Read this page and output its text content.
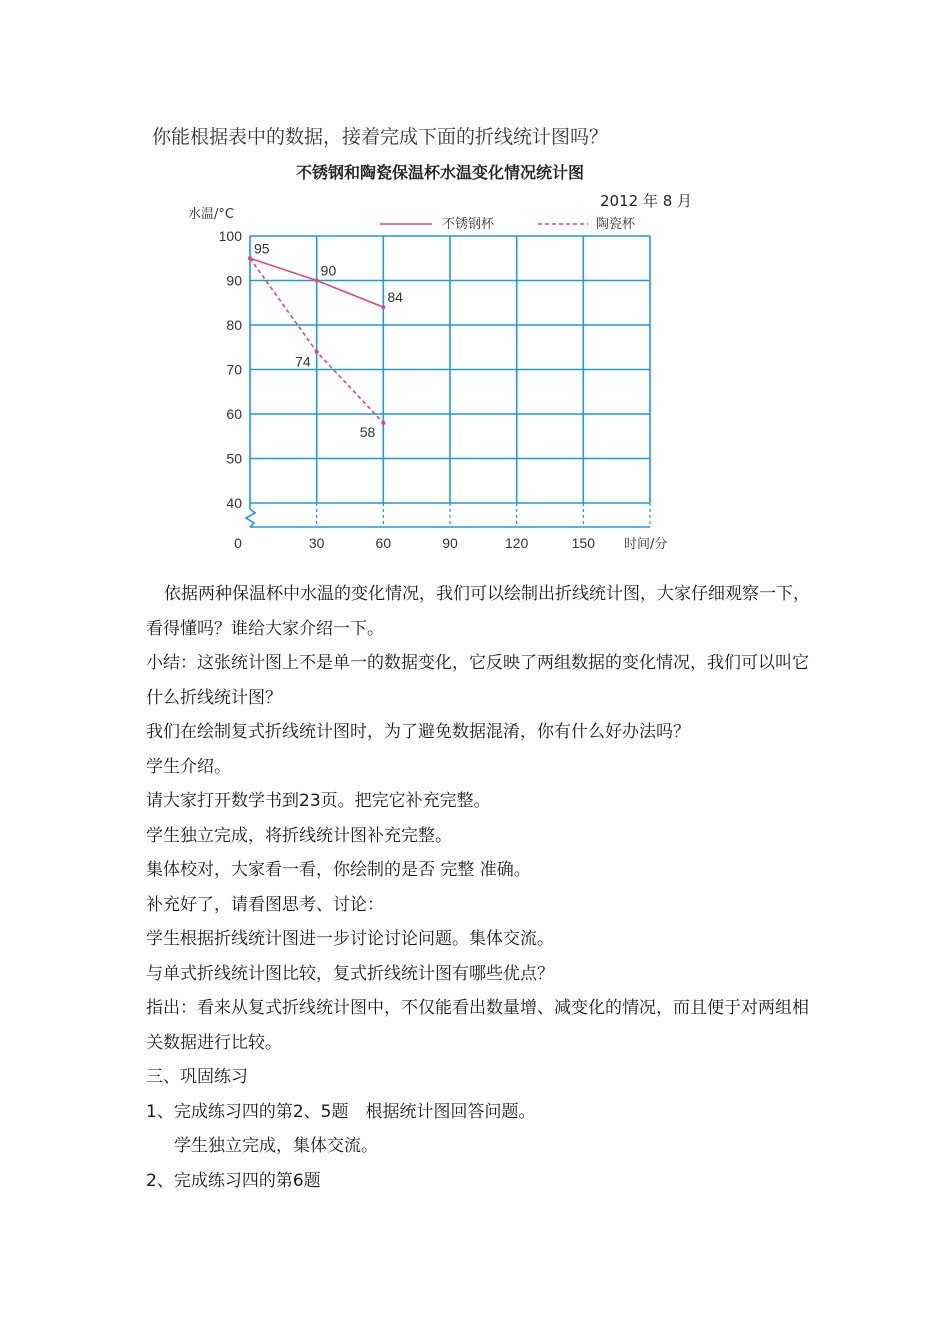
你能根据表中的数据，接着完成下面的折线统计图吗？
不锈钢和陶瓷保温杯水温变化情况统计图
2012 年 8 月
100
90
80
70
60
50
40
0	30	60	90	120	150
水温/°C
时间/分
不锈钢杯	陶瓷杯
95
90
84
74
58

依据两种保温杯中水温的变化情况，我们可以绘制出折线统计图，大家仔细观察一下，看得懂吗？谁给大家介绍一下。

小结：这张统计图上不是单一的数据变化，它反映了两组数据的变化情况，我们可以叫它什么折线统计图？

我们在绘制复式折线统计图时，为了避免数据混淆，你有什么好办法吗？

学生介绍。

请大家打开数学书到23页。把完它补充完整。

学生独立完成，将折线统计图补充完整。

集体校对，大家看一看，你绘制的是否 完整 准确。

补充好了，请看图思考、讨论：

学生根据折线统计图进一步讨论讨论问题。集体交流。

与单式折线统计图比较，复式折线统计图有哪些优点？

指出：看来从复式折线统计图中，不仅能看出数量增、减变化的情况，而且便于对两组相关数据进行比较。

三、巩固练习

1、完成练习四的第2、5题　根据统计图回答问题。

学生独立完成，集体交流。

2、完成练习四的第6题
